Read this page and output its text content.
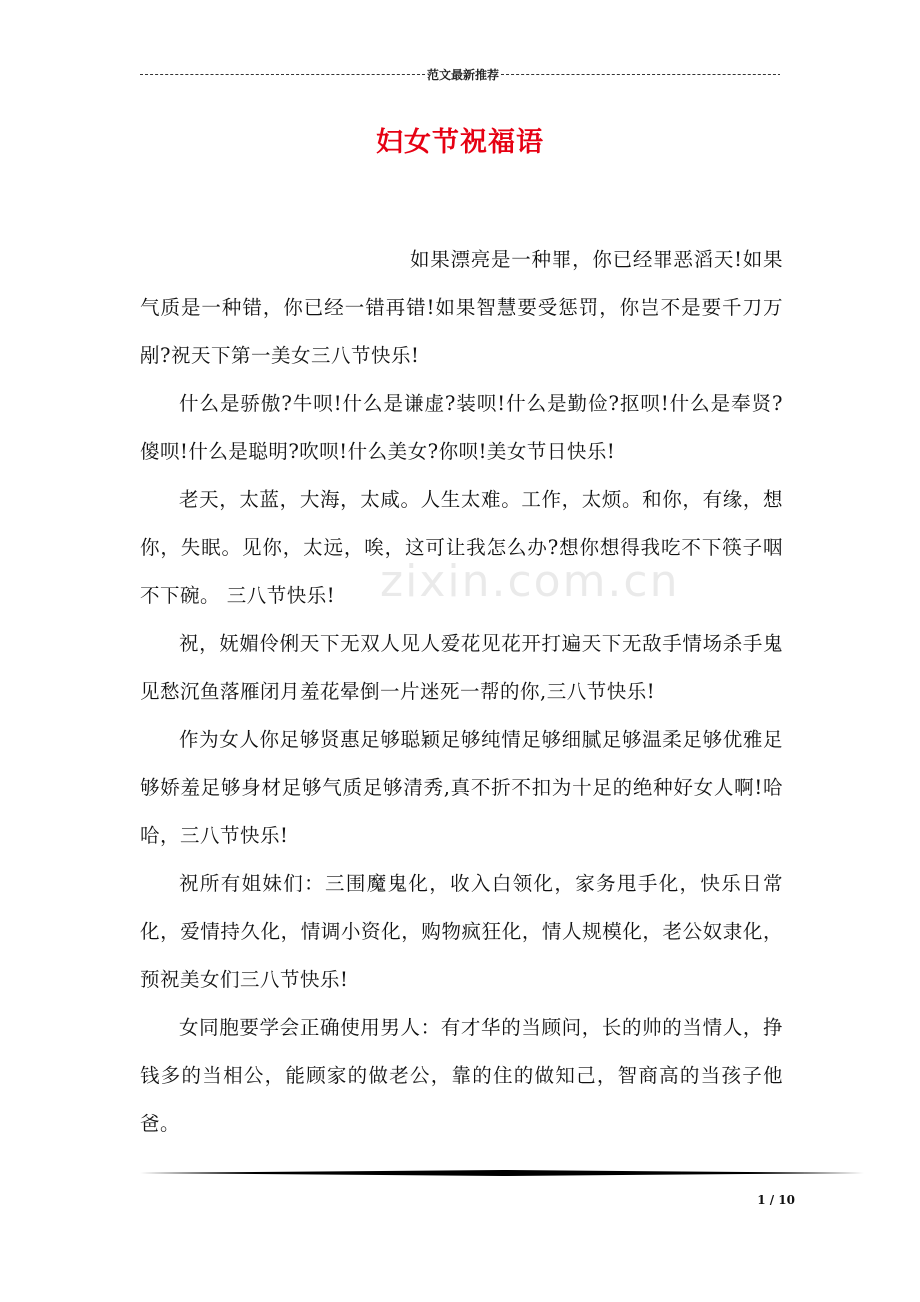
范文最新推荐
妇女节祝福语
zixin.com.cn

如果漂亮是一种罪，你已经罪恶滔天!如果气质是一种错，你已经一错再错!如果智慧要受惩罚，你岂不是要千刀万剐?祝天下第一美女三八节快乐!

什么是骄傲?牛呗!什么是谦虚?装呗!什么是勤俭?抠呗!什么是奉贤?傻呗!什么是聪明?吹呗!什么美女?你呗!美女节日快乐!

老天，太蓝，大海，太咸。人生太难。工作，太烦。和你，有缘，想你，失眠。见你，太远，唉，这可让我怎么办?想你想得我吃不下筷子咽不下碗。 三八节快乐!

祝，妩媚伶俐天下无双人见人爱花见花开打遍天下无敌手情场杀手鬼见愁沉鱼落雁闭月羞花晕倒一片迷死一帮的你,三八节快乐!

作为女人你足够贤惠足够聪颖足够纯情足够细腻足够温柔足够优雅足够娇羞足够身材足够气质足够清秀,真不折不扣为十足的绝种好女人啊!哈哈，三八节快乐!

祝所有姐妹们：三围魔鬼化，收入白领化，家务甩手化，快乐日常化，爱情持久化，情调小资化，购物疯狂化，情人规模化，老公奴隶化，预祝美女们三八节快乐!

女同胞要学会正确使用男人：有才华的当顾问，长的帅的当情人，挣钱多的当相公，能顾家的做老公，靠的住的做知己，智商高的当孩子他爸。

1 / 10
